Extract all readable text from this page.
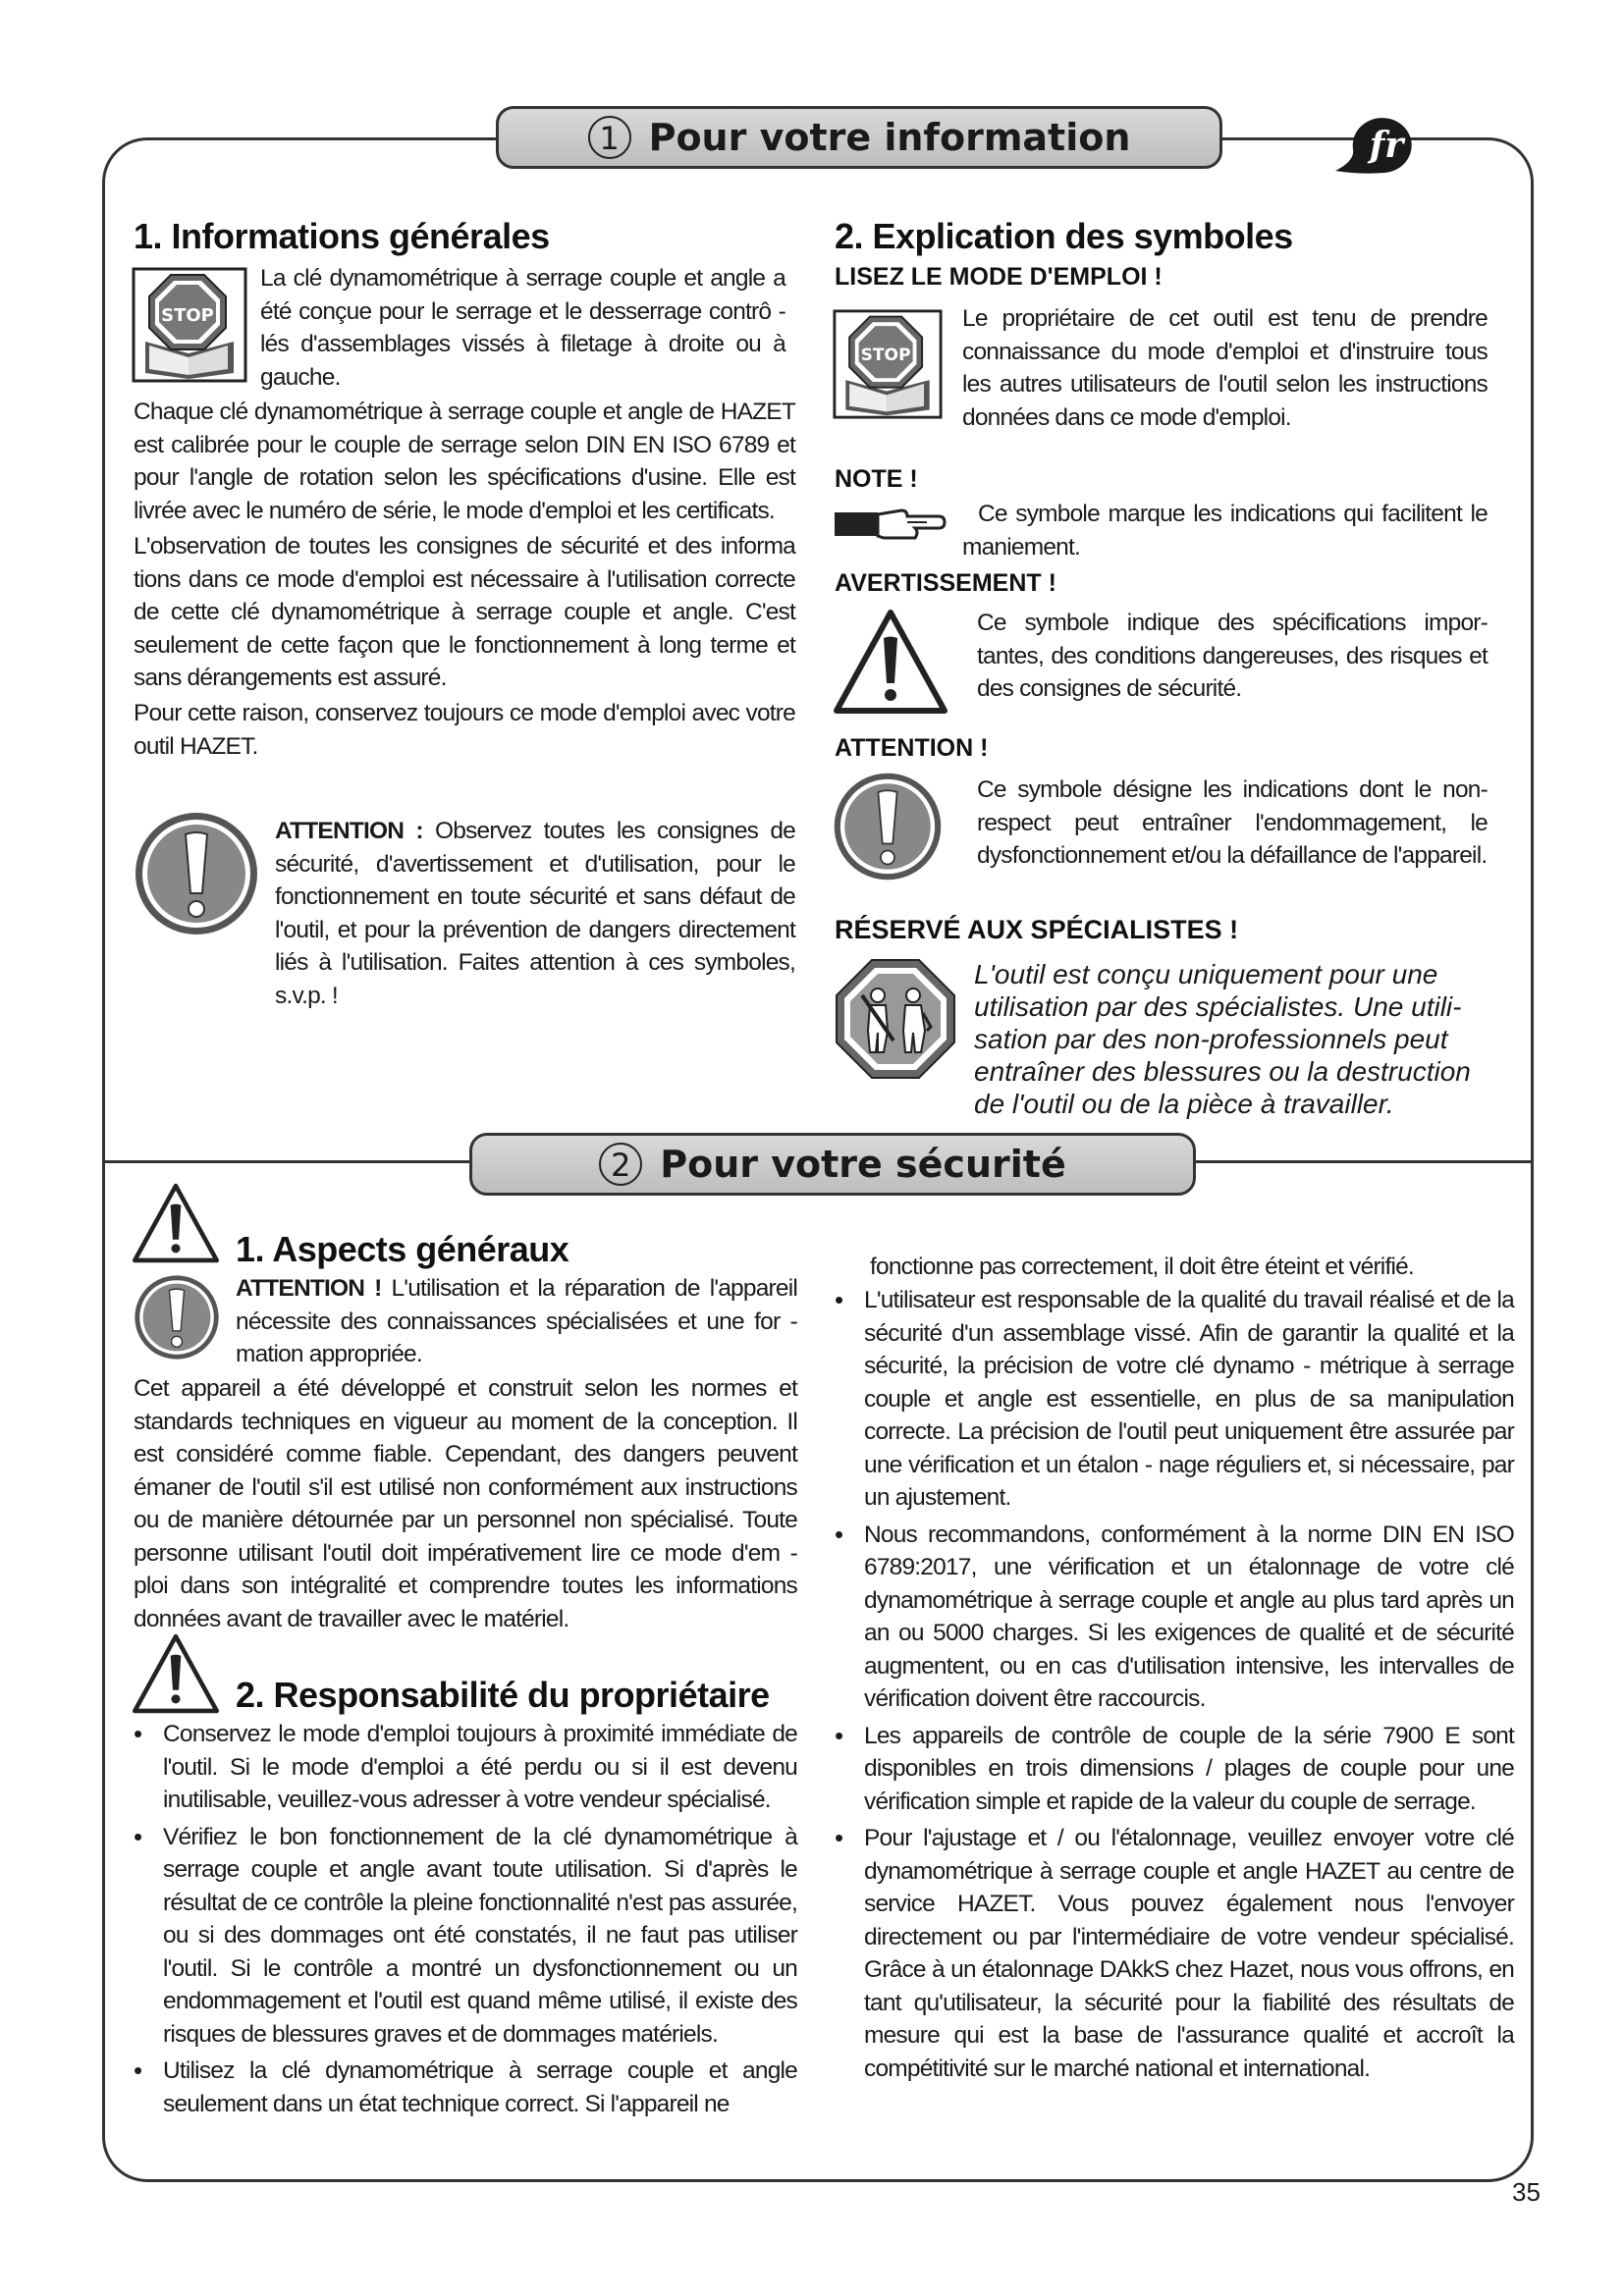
1 Pour votre information	fr
1. Informations générales
STOP

La clé dynamométrique à serrage couple et angle a été conçue pour le serrage et le desserrage contrô - lés d'assemblages vissés à filetage à droite ou à gauche.

Chaque clé dynamométrique à serrage couple et angle de HAZET est calibrée pour le couple de serrage selon DIN EN ISO 6789 et pour l'angle de rotation selon les spécifications d'usine. Elle est livrée avec le numéro de série, le mode d'emploi et les certificats.

L'observation de toutes les consignes de sécurité et des informa tions dans ce mode d'emploi est nécessaire à l'utilisation correcte de cette clé dynamométrique à serrage couple et angle. C'est seulement de cette façon que le fonctionnement à long terme et sans dérangements est assuré.

Pour cette raison, conservez toujours ce mode d'emploi avec votre outil HAZET.

ATTENTION : Observez toutes les consignes de sécurité, d'avertissement et d'utilisation, pour le fonctionnement en toute sécurité et sans défaut de l'outil, et pour la prévention de dangers directement liés à l'utilisation. Faites attention à ces symboles, s.v.p. !

2. Explication des symboles

LISEZ LE MODE D'EMPLOI !

STOP

Le propriétaire de cet outil est tenu de prendre connaissance du mode d'emploi et d'instruire tous les autres utilisateurs de l'outil selon les instructions données dans ce mode d'emploi.

NOTE !

Ce symbole marque les indications qui facilitent le maniement.

AVERTISSEMENT !

Ce symbole indique des spécifications impor-tantes, des conditions dangereuses, des risques et des consignes de sécurité.

ATTENTION !

Ce symbole désigne les indications dont le non-respect peut entraîner l'endommagement, le dysfonctionnement et/ou la défaillance de l'appareil.

RÉSERVÉ AUX SPÉCIALISTES !

L'outil est conçu uniquement pour une utilisation par des spécialistes. Une utili-sation par des non-professionnels peut entraîner des blessures ou la destruction de l'outil ou de la pièce à travailler.

2 Pour votre sécurité
1. Aspects généraux

ATTENTION ! L'utilisation et la réparation de l'appareil nécessite des connaissances spécialisées et une for - mation appropriée.

Cet appareil a été développé et construit selon les normes et standards techniques en vigueur au moment de la conception. Il est considéré comme fiable. Cependant, des dangers peuvent émaner de l'outil s'il est utilisé non conformément aux instructions ou de manière détournée par un personnel non spécialisé. Toute personne utilisant l'outil doit impérativement lire ce mode d'em - ploi dans son intégralité et comprendre toutes les informations données avant de travailler avec le matériel.

2. Responsabilité du propriétaire
• Conservez le mode d'emploi toujours à proximité immédiate de l'outil. Si le mode d'emploi a été perdu ou si il est devenu inutilisable, veuillez-vous adresser à votre vendeur spécialisé.
• Vérifiez le bon fonctionnement de la clé dynamométrique à serrage couple et angle avant toute utilisation. Si d'après le résultat de ce contrôle la pleine fonctionnalité n'est pas assurée, ou si des dommages ont été constatés, il ne faut pas utiliser l'outil. Si le contrôle a montré un dysfonctionnement ou un endommagement et l'outil est quand même utilisé, il existe des risques de blessures graves et de dommages matériels.
• Utilisez la clé dynamométrique à serrage couple et angle seulement dans un état technique correct. Si l'appareil ne

fonctionne pas correctement, il doit être éteint et vérifié.

• L'utilisateur est responsable de la qualité du travail réalisé et de la sécurité d'un assemblage vissé. Afin de garantir la qualité et la sécurité, la précision de votre clé dynamo - métrique à serrage couple et angle est essentielle, en plus de sa manipulation correcte. La précision de l'outil peut uniquement être assurée par une vérification et un étalon - nage réguliers et, si nécessaire, par un ajustement.
• Nous recommandons, conformément à la norme DIN EN ISO 6789:2017, une vérification et un étalonnage de votre clé dynamométrique à serrage couple et angle au plus tard après un an ou 5000 charges. Si les exigences de qualité et de sécurité augmentent, ou en cas d'utilisation intensive, les intervalles de vérification doivent être raccourcis.
• Les appareils de contrôle de couple de la série 7900 E sont disponibles en trois dimensions / plages de couple pour une vérification simple et rapide de la valeur du couple de serrage.
• Pour l'ajustage et / ou l'étalonnage, veuillez envoyer votre clé dynamométrique à serrage couple et angle HAZET au centre de service HAZET. Vous pouvez également nous l'envoyer directement ou par l'intermédiaire de votre vendeur spécialisé. Grâce à un étalonnage DAkkS chez Hazet, nous vous offrons, en tant qu'utilisateur, la sécurité pour la fiabilité des résultats de mesure qui est la base de l'assurance qualité et accroît la compétitivité sur le marché national et international.
35
